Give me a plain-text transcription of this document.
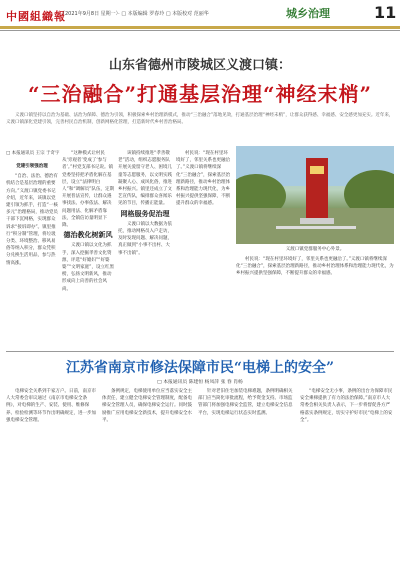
中國組織報
（2021年9月8日 星期一）· □ 本版编辑 罗春玲 □ 本版校对 范丽华	城乡治理	11
山东省德州市陵城区义渡口镇：
“三治融合”打通基层治理“神经末梢”
义渡口镇坚持以自治为基础、法治为保障、德治为引领，积极探索乡村治理新模式，推动“三治融合”落地见效，打通基层治理“神经末梢”，让群众获得感、幸福感、安全感更加充实。近年来，义渡口镇深化党建引领，完善村民自治机制，创新网格化管理，打造新时代乡村善治格局。
义渡口镇党群服务中心外景。
□ 本报通讯员 王宗 于奇宇

党建引领强治理

“自治、法治、德治有机结合是基层治理的重要方向。”义渡口镇党委书记介绍，近年来，该镇以党建引领为抓手，打造“一核多元”治理格局，推动党员干部下沉网格，实现群众诉求“接诉即办”。镇里推行“积分制”管理，将垃圾分类、环境整治、移风易俗等纳入积分，群众凭积分兑换生活用品，参与热情高涨。

“这种模式让村民从‘旁观者’变成了‘参与者’。”村党支部书记说。镇党委坚持把矛盾化解在基层，设立“法律明白人”和“调解员”队伍，定期开展普法宣传，让群众遇事找法、办事依法、解决问题用法、化解矛盾靠法，全镇信访量明显下降。

德治教化树新风

义渡口镇以文化为抓手，深入挖掘孝善文化资源，评选“好媳妇”“好婆婆”“文明家庭”，设立红黑榜，弘扬文明新风，推动形成向上向善的社会风尚。

该镇持续推进“孝善敬老”活动，组织志愿服务队开展关爱留守老人、困境儿童等志愿服务，以文明实践凝聚人心、成风化俗，推进乡村振兴。镇里还成立了文艺宣传队，编排群众喜闻乐见的节目，传播正能量。

网格服务促治理

义渡口镇以大数据为依托，推动网格员入户走访，及时发现问题、解决问题，真正做到“小事不出村、大事不出镇”。

村民说：“现在村里环境好了，邻里关系也更融洽了。”义渡口镇将继续深化“三治融合”，探索基层治理新路径，推动乡村治理体系和治理能力现代化，为乡村振兴提供坚强保障，不断提升群众的幸福感。

村民说：“现在村里环境好了，邻里关系也更融洽了。”义渡口镇将继续深化“三治融合”，探索基层治理新路径，推动乡村治理体系和治理能力现代化，为乡村振兴提供坚强保障，不断提升群众的幸福感。

江苏省南京市修法保障市民“电梯上的安全”
□ 本报通讯员 陈建恒 杨凤萍 张 春 肖杨

电梯安全关系到千家万户。日前，南京市人大常委会审议通过《南京市电梯安全条例》，对电梯的生产、安装、使用、维修保养、检验检测等环节作出明确规定，进一步加强电梯安全管理。

条例规定，电梯使用单位应当落实安全主体责任，建立健全电梯安全管理制度，配备电梯安全管理人员，确保电梯安全运行。同时鼓励推广应用电梯安全新技术，提升电梯安全水平。

针对老旧住宅加装电梯难题，条例明确相关部门应当简化审批流程，给予资金支持。市场监管部门将加强电梯安全监管，建立电梯安全信息平台，实现电梯运行状态实时监测。

“电梯安全无小事，条例的出台为保障市民安全乘梯提供了有力的法治保障。”南京市人大常委会相关负责人表示，下一步将督促各方严格落实条例规定，切实守护好市民“电梯上的安全”。
